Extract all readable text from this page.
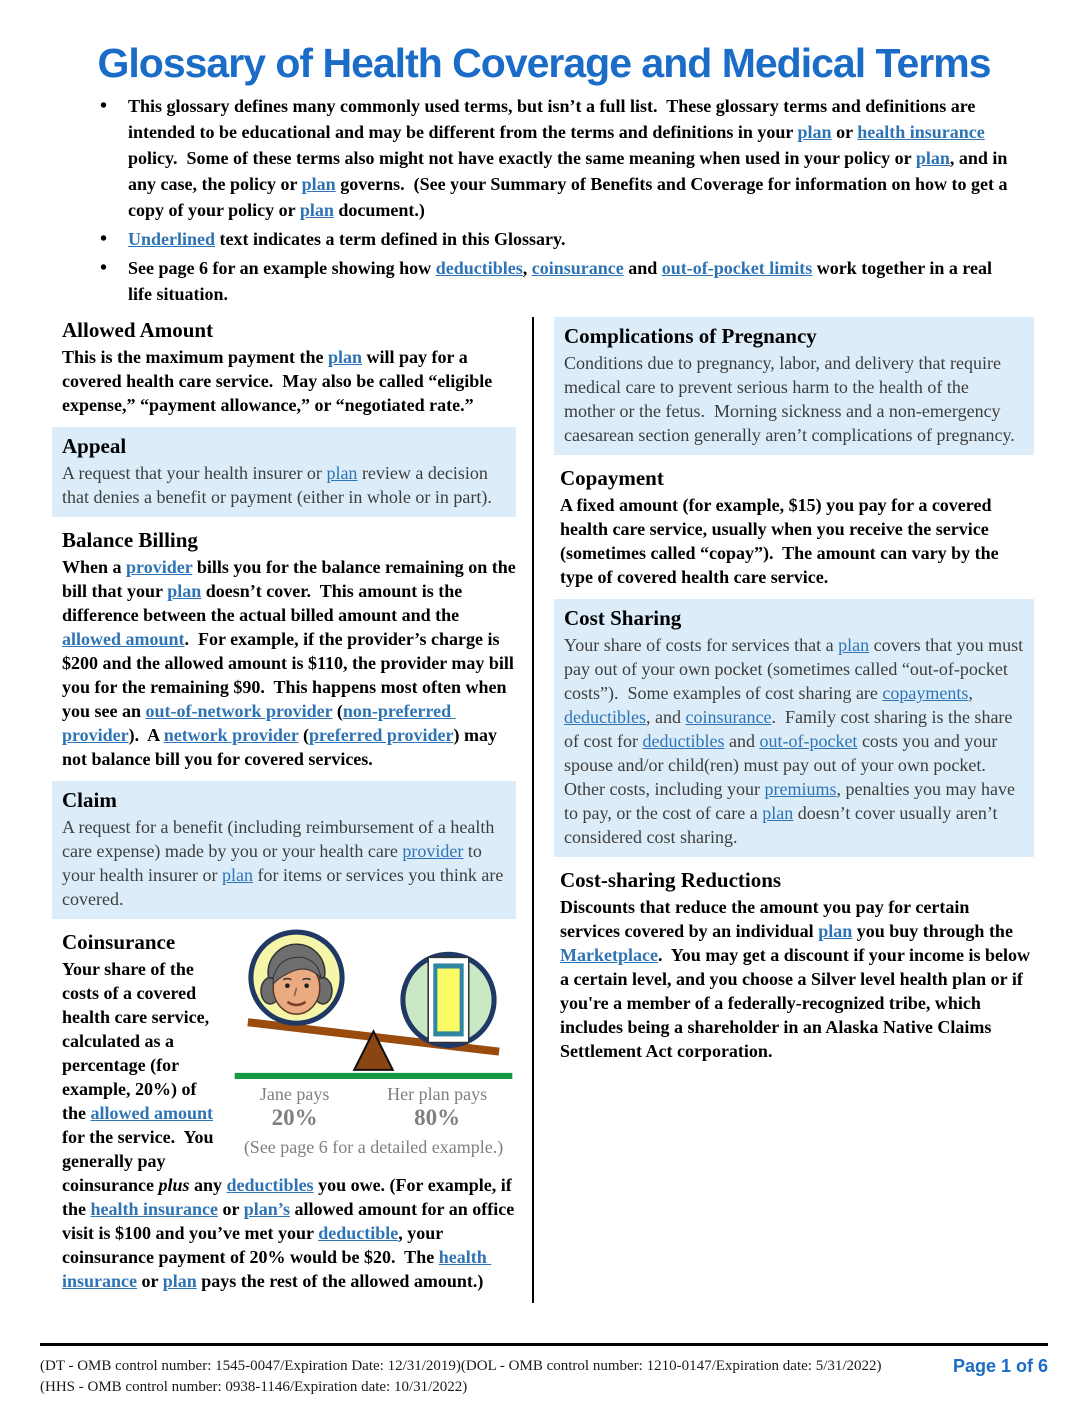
Glossary of Health Coverage and Medical Terms
• This glossary defines many commonly used terms, but isn’t a full list.  These glossary terms and definitions are intended to be educational and may be different from the terms and definitions in your plan or health insurance policy.  Some of these terms also might not have exactly the same meaning when used in your policy or plan, and in any case, the policy or plan governs.  (See your Summary of Benefits and Coverage for information on how to get a copy of your policy or plan document.)
• Underlined text indicates a term defined in this Glossary.
• See page 6 for an example showing how deductibles, coinsurance and out-of-pocket limits work together in a real life situation.
Allowed Amount

This is the maximum payment the plan will pay for a covered health care service.  May also be called “eligible expense,” “payment allowance,” or “negotiated rate.”

Appeal

A request that your health insurer or plan review a decision that denies a benefit or payment (either in whole or in part).

Balance Billing

When a provider bills you for the balance remaining on the bill that your plan doesn’t cover.  This amount is the difference between the actual billed amount and the allowed amount.  For example, if the provider’s charge is $200 and the allowed amount is $110, the provider may bill you for the remaining $90.  This happens most often when you see an out-of-network provider (non-preferred provider).  A network provider (preferred provider) may not balance bill you for covered services.

Claim

A request for a benefit (including reimbursement of a health care expense) made by you or your health care provider to your health insurer or plan for items or services you think are covered.

Jane pays
20%
Her plan pays
80%
(See page 6 for a detailed example.)
Coinsurance

Your share of the costs of a covered health care service, calculated as a percentage (for example, 20%) of the allowed amount for the service.  You generally pay coinsurance plus any deductibles you owe. (For example, if the health insurance or plan’s allowed amount for an office visit is $100 and you’ve met your deductible, your coinsurance payment of 20% would be $20.  The health insurance or plan pays the rest of the allowed amount.)

Complications of Pregnancy

Conditions due to pregnancy, labor, and delivery that require medical care to prevent serious harm to the health of the mother or the fetus.  Morning sickness and a non-emergency caesarean section generally aren’t complications of pregnancy.

Copayment

A fixed amount (for example, $15) you pay for a covered health care service, usually when you receive the service (sometimes called “copay”).  The amount can vary by the type of covered health care service.

Cost Sharing

Your share of costs for services that a plan covers that you must pay out of your own pocket (sometimes called “out-of-pocket costs”).  Some examples of cost sharing are copayments, deductibles, and coinsurance.  Family cost sharing is the share of cost for deductibles and out-of-pocket costs you and your spouse and/or child(ren) must pay out of your own pocket.  Other costs, including your premiums, penalties you may have to pay, or the cost of care a plan doesn’t cover usually aren’t considered cost sharing.

Cost-sharing Reductions

Discounts that reduce the amount you pay for certain services covered by an individual plan you buy through the Marketplace.  You may get a discount if your income is below a certain level, and you choose a Silver level health plan or if you're a member of a federally-recognized tribe, which includes being a shareholder in an Alaska Native Claims Settlement Act corporation.

(DT - OMB control number: 1545-0047/Expiration Date: 12/31/2019)(DOL - OMB control number: 1210-0147/Expiration date: 5/31/2022)
(HHS - OMB control number: 0938-1146/Expiration date: 10/31/2022)
Page 1 of 6
